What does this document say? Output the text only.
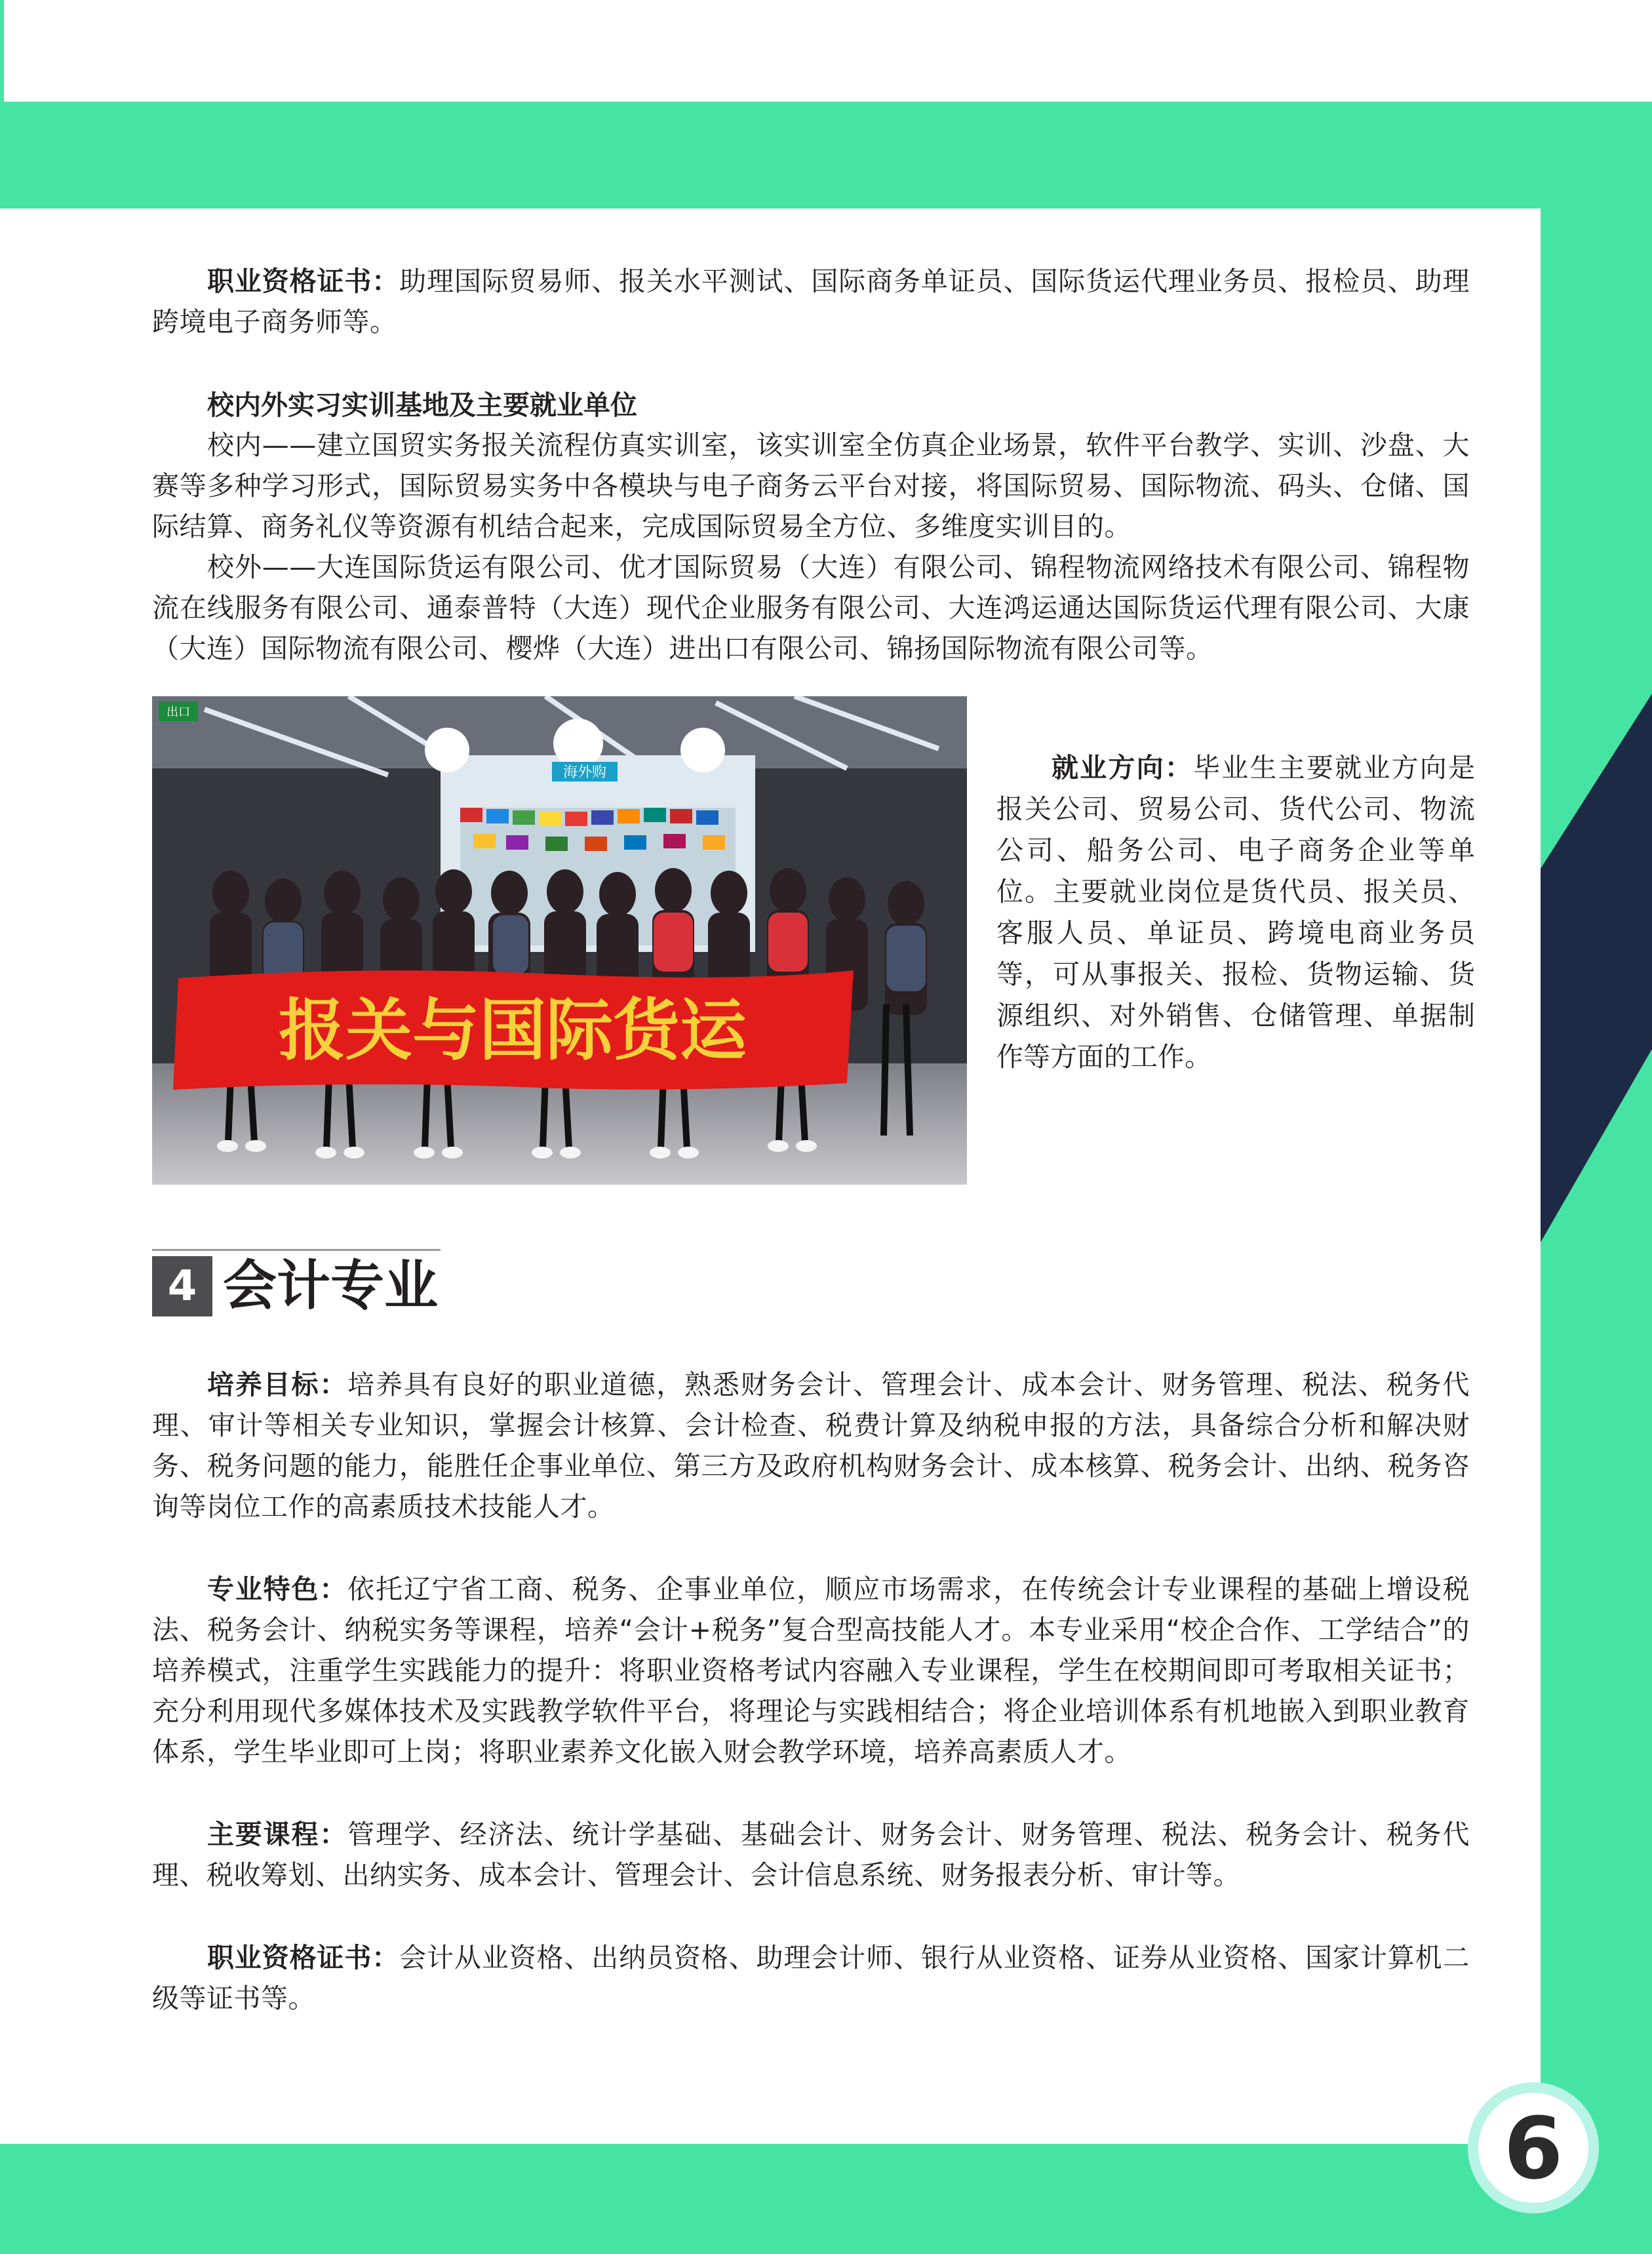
职业资格证书：助理国际贸易师、报关水平测试、国际商务单证员、国际货运代理业务员、报检员、助理跨境电子商务师等。
校内外实习实训基地及主要就业单位
校内——建立国贸实务报关流程仿真实训室，该实训室全仿真企业场景，软件平台教学、实训、沙盘、大赛等多种学习形式，国际贸易实务中各模块与电子商务云平台对接，将国际贸易、国际物流、码头、仓储、国际结算、商务礼仪等资源有机结合起来，完成国际贸易全方位、多维度实训目的。
校外——大连国际货运有限公司、优才国际贸易（大连）有限公司、锦程物流网络技术有限公司、锦程物流在线服务有限公司、通泰普特（大连）现代企业服务有限公司、大连鸿运通达国际货运代理有限公司、大康（大连）国际物流有限公司、樱烨（大连）进出口有限公司、锦扬国际物流有限公司等。
海外购
出口
报关与国际货运
就业方向：毕业生主要就业方向是报关公司、贸易公司、货代公司、物流公司、船务公司、电子商务企业等单位。主要就业岗位是货代员、报关员、客服人员、单证员、跨境电商业务员等，可从事报关、报检、货物运输、货源组织、对外销售、仓储管理、单据制作等方面的工作。
4 会计专业
培养目标：培养具有良好的职业道德，熟悉财务会计、管理会计、成本会计、财务管理、税法、税务代理、审计等相关专业知识，掌握会计核算、会计检查、税费计算及纳税申报的方法，具备综合分析和解决财务、税务问题的能力，能胜任企事业单位、第三方及政府机构财务会计、成本核算、税务会计、出纳、税务咨询等岗位工作的高素质技术技能人才。
专业特色：依托辽宁省工商、税务、企事业单位，顺应市场需求，在传统会计专业课程的基础上增设税法、税务会计、纳税实务等课程，培养“会计+税务”复合型高技能人才。本专业采用“校企合作、工学结合”的培养模式，注重学生实践能力的提升：将职业资格考试内容融入专业课程，学生在校期间即可考取相关证书；充分利用现代多媒体技术及实践教学软件平台，将理论与实践相结合；将企业培训体系有机地嵌入到职业教育体系，学生毕业即可上岗；将职业素养文化嵌入财会教学环境，培养高素质人才。
主要课程：管理学、经济法、统计学基础、基础会计、财务会计、财务管理、税法、税务会计、税务代理、税收筹划、出纳实务、成本会计、管理会计、会计信息系统、财务报表分析、审计等。
职业资格证书：会计从业资格、出纳员资格、助理会计师、银行从业资格、证券从业资格、国家计算机二级等证书等。
6
